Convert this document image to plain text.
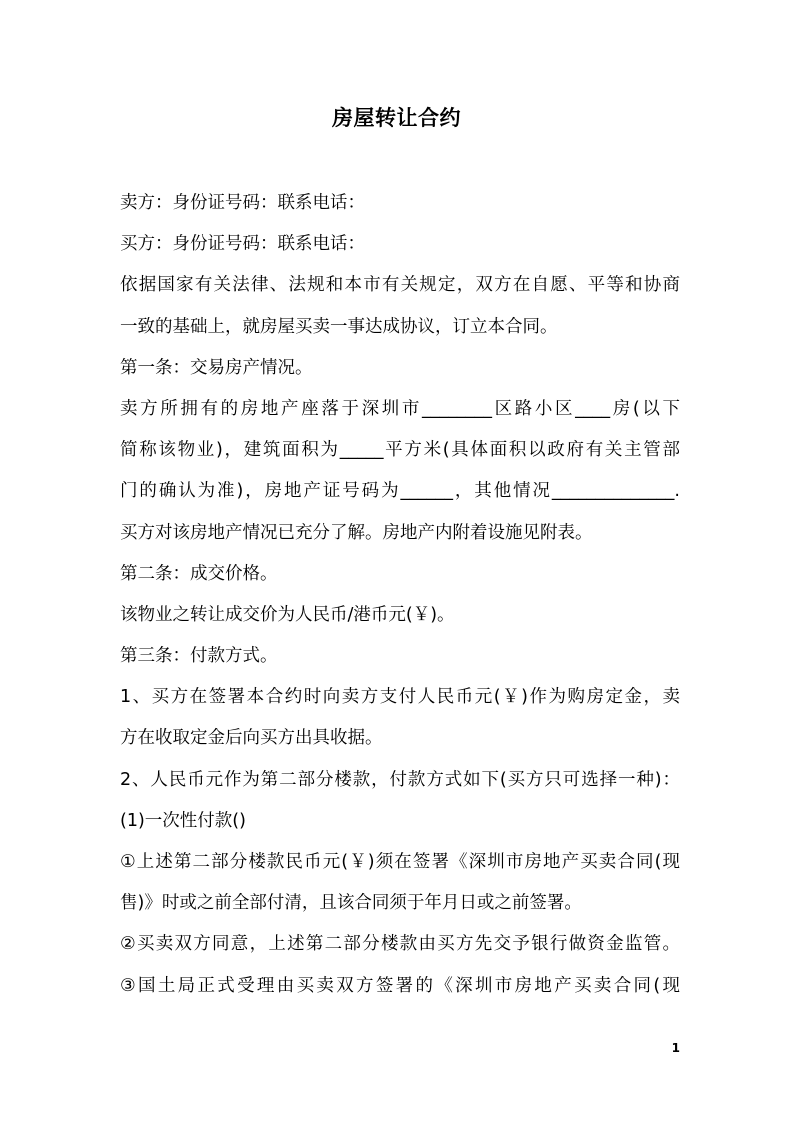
房屋转让合约
卖方：身份证号码：联系电话：
买方：身份证号码：联系电话：
依据国家有关法律、法规和本市有关规定，双方在自愿、平等和协商
一致的基础上，就房屋买卖一事达成协议，订立本合同。
第一条：交易房产情况。
卖方所拥有的房地产座落于深圳市________区路小区____房(以下
简称该物业)，建筑面积为_____平方米(具体面积以政府有关主管部
门的确认为准)，房地产证号码为______，其他情况______________.
买方对该房地产情况已充分了解。房地产内附着设施见附表。
第二条：成交价格。
该物业之转让成交价为人民币/港币元(￥)。
第三条：付款方式。
1、买方在签署本合约时向卖方支付人民币元(￥)作为购房定金，卖
方在收取定金后向买方出具收据。
2、人民币元作为第二部分楼款，付款方式如下(买方只可选择一种)：
(1)一次性付款()
①上述第二部分楼款民币元(￥)须在签署《深圳市房地产买卖合同(现
售)》时或之前全部付清，且该合同须于年月日或之前签署。
②买卖双方同意，上述第二部分楼款由买方先交予银行做资金监管。
③国土局正式受理由买卖双方签署的《深圳市房地产买卖合同(现
1
